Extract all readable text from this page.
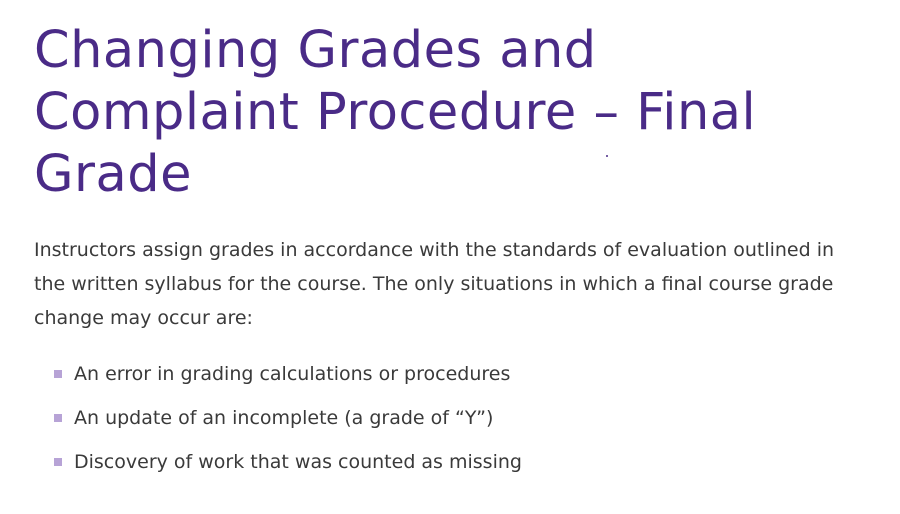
Changing Grades and Complaint Procedure – Final Grade

Instructors assign grades in accordance with the standards of evaluation outlined in the written syllabus for the course. The only situations in which a final course grade change may occur are:

An error in grading calculations or procedures
An update of an incomplete (a grade of “Y”)
Discovery of work that was counted as missing
